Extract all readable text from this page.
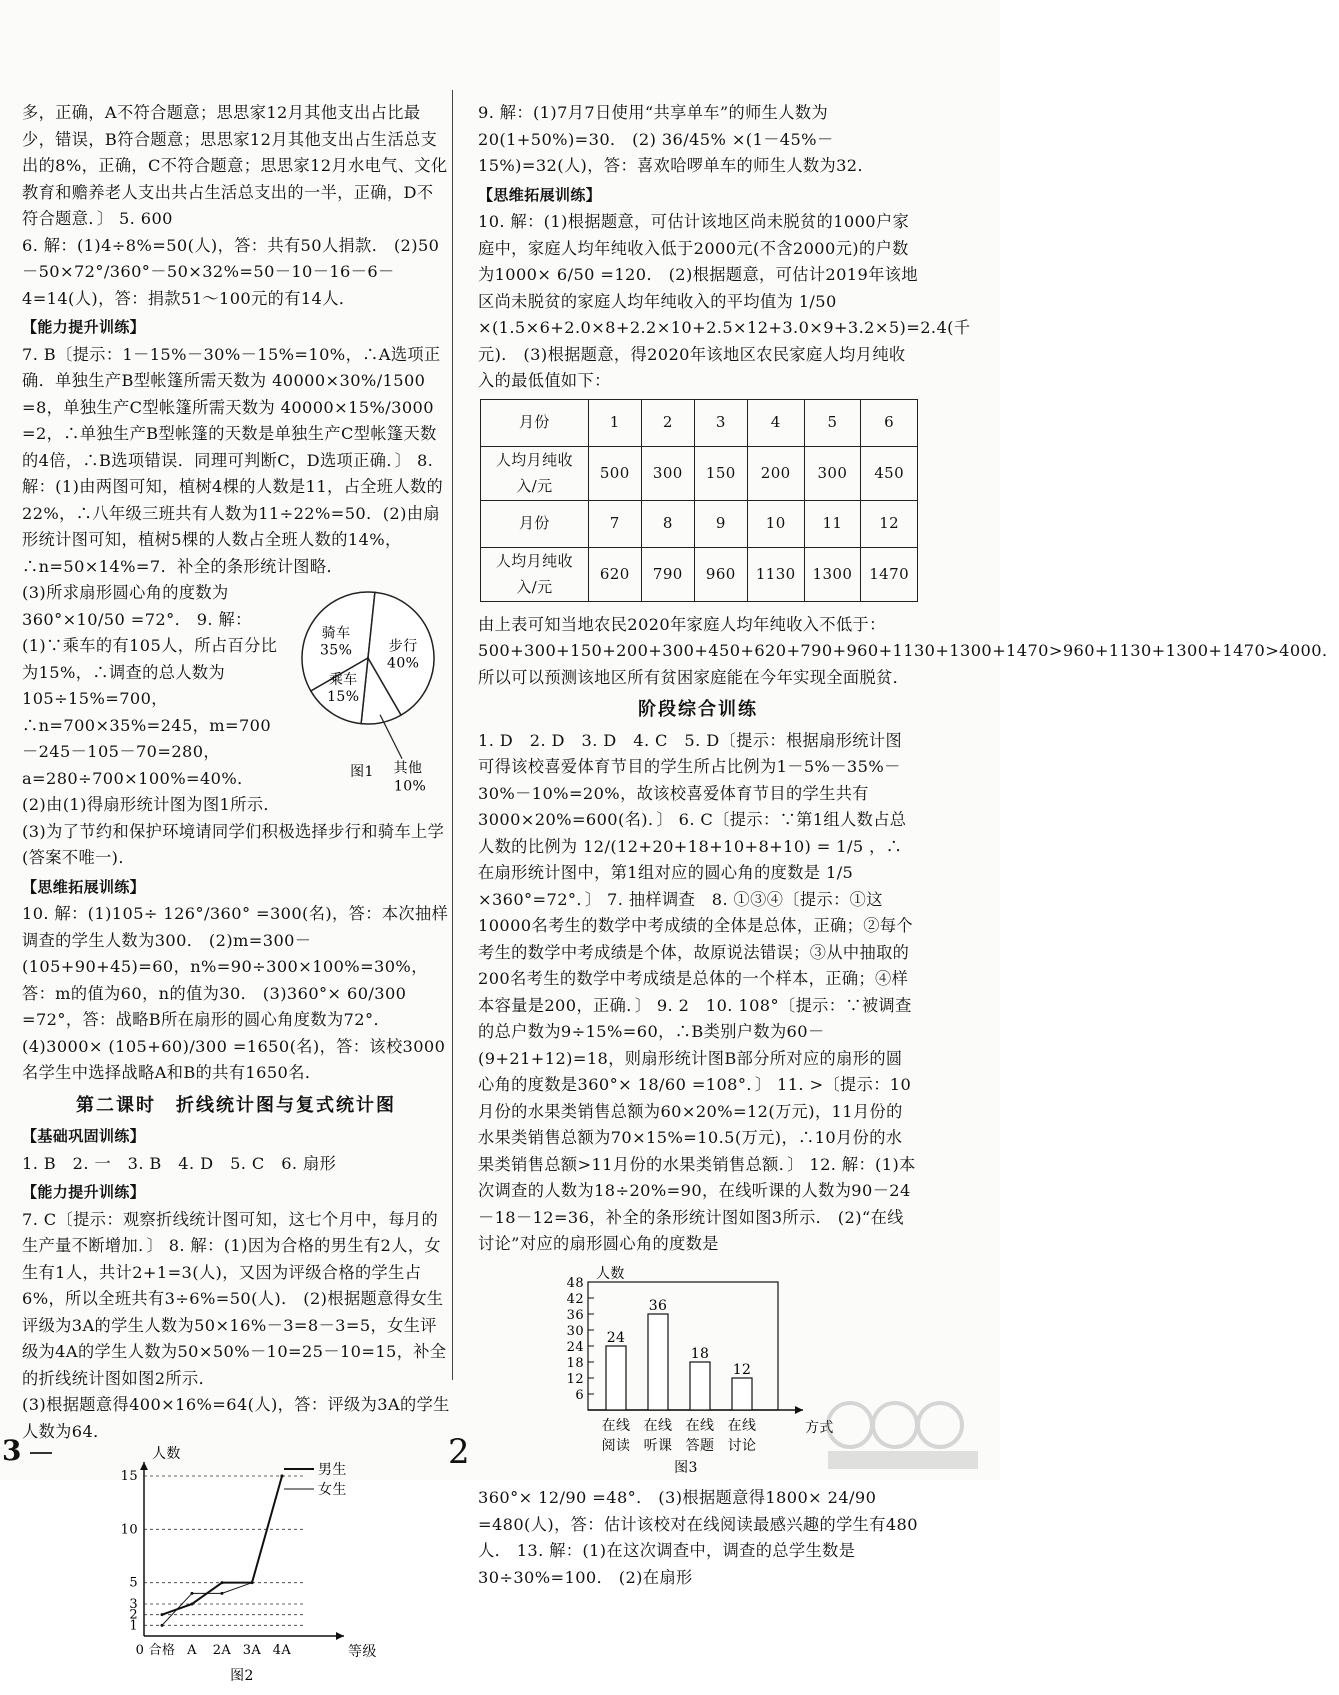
多，正确，A不符合题意；思思家12月其他支出占比最少，错误，B符合题意；思思家12月其他支出占生活总支出的8%，正确，C不符合题意；思思家12月水电气、文化教育和赡养老人支出共占生活总支出的一半，正确，D不符合题意．〕 5. 600

6. 解：(1)4÷8%=50(人)，答：共有50人捐款． (2)50－50×72°/360°－50×32%=50－10－16－6－4=14(人)，答：捐款51～100元的有14人．

【能力提升训练】

7. B〔提示：1－15%－30%－15%=10%，∴A选项正确．单独生产B型帐篷所需天数为 40000×30%/1500 =8，单独生产C型帐篷所需天数为 40000×15%/3000 =2，∴单独生产B型帐篷的天数是单独生产C型帐篷天数的4倍，∴B选项错误．同理可判断C，D选项正确．〕 8. 解：(1)由两图可知，植树4棵的人数是11，占全班人数的22%，∴八年级三班共有人数为11÷22%=50．(2)由扇形统计图可知，植树5棵的人数占全班人数的14%，∴n=50×14%=7．补全的条形统计图略．

(3)所求扇形圆心角的度数为 360°×10/50 =72°． 9. 解：(1)∵乘车的有105人，所占百分比为15%，∴调查的总人数为105÷15%=700，∴n=700×35%=245，m=700－245－105－70=280，a=280÷700×100%=40%．

(2)由(1)得扇形统计图为图1所示．

骑车
35%	步行
40%
乘车
15%
其他
10%
图1

(3)为了节约和保护环境请同学们积极选择步行和骑车上学(答案不唯一)．

【思维拓展训练】

10. 解：(1)105÷ 126°/360° =300(名)，答：本次抽样调查的学生人数为300． (2)m=300－(105+90+45)=60，n%=90÷300×100%=30%，答：m的值为60，n的值为30． (3)360°× 60/300 =72°，答：战略B所在扇形的圆心角度数为72°． (4)3000× (105+60)/300 =1650(名)，答：该校3000名学生中选择战略A和B的共有1650名．

第二课时　折线统计图与复式统计图
【基础巩固训练】

1. B　2. 一　3. B　4. D　5. C　6. 扇形

【能力提升训练】

7. C〔提示：观察折线统计图可知，这七个月中，每月的生产量不断增加．〕 8. 解：(1)因为合格的男生有2人，女生有1人，共计2+1=3(人)，又因为评级合格的学生占6%，所以全班共有3÷6%=50(人)． (2)根据题意得女生评级为3A的学生人数为50×16%－3=8－3=5，女生评级为4A的学生人数为50×50%－10=25－10=15，补全的折线统计图如图2所示．

(3)根据题意得400×16%=64(人)，答：评级为3A的学生人数为64．

人数
等级
1
2
3
5
10
15
0 合格 A 2A 3A 4A
男生
女生
图2

9. 解：(1)7月7日使用“共享单车”的师生人数为20(1+50%)=30． (2) 36/45% ×(1－45%－15%)=32(人)，答：喜欢哈啰单车的师生人数为32．

【思维拓展训练】

10. 解：(1)根据题意，可估计该地区尚未脱贫的1000户家庭中，家庭人均年纯收入低于2000元(不含2000元)的户数为1000× 6/50 =120． (2)根据题意，可估计2019年该地区尚未脱贫的家庭人均年纯收入的平均值为 1/50 ×(1.5×6+2.0×8+2.2×10+2.5×12+3.0×9+3.2×5)=2.4(千元)． (3)根据题意，得2020年该地区农民家庭人均月纯收入的最低值如下：

月份	1	2	3	4	5	6
人均月纯收入/元	500	300	150	200	300	450
月份	7	8	9	10	11	12
人均月纯收入/元	620	790	960	1130	1300	1470

由上表可知当地农民2020年家庭人均年纯收入不低于：500+300+150+200+300+450+620+790+960+1130+1300+1470>960+1130+1300+1470>4000．所以可以预测该地区所有贫困家庭能在今年实现全面脱贫．

阶段综合训练

1. D　2. D　3. D　4. C　5. D〔提示：根据扇形统计图可得该校喜爱体育节目的学生所占比例为1－5%－35%－30%－10%=20%，故该校喜爱体育节目的学生共有3000×20%=600(名)．〕 6. C〔提示：∵第1组人数占总人数的比例为 12/(12+20+18+10+8+10) = 1/5 ，∴在扇形统计图中，第1组对应的圆心角的度数是 1/5 ×360°=72°．〕 7. 抽样调查　8. ①③④〔提示：①这10000名考生的数学中考成绩的全体是总体，正确；②每个考生的数学中考成绩是个体，故原说法错误；③从中抽取的200名考生的数学中考成绩是总体的一个样本，正确；④样本容量是200，正确．〕 9. 2　10. 108°〔提示：∵被调查的总户数为9÷15%=60，∴B类别户数为60－(9+21+12)=18，则扇形统计图B部分所对应的扇形的圆心角的度数是360°× 18/60 =108°．〕 11. >〔提示：10月份的水果类销售总额为60×20%=12(万元)，11月份的水果类销售总额为70×15%=10.5(万元)，∴10月份的水果类销售总额>11月份的水果类销售总额．〕 12. 解：(1)本次调查的人数为18÷20%=90，在线听课的人数为90－24－18－12=36，补全的条形统计图如图3所示． (2)“在线讨论”对应的扇形圆心角的度数是

人数
方式
6
12
18
24
30
36
42
48
24
在线
阅读
36
在线
听课
18
在线
答题
12
在线
讨论
图3

360°× 12/90 =48°． (3)根据题意得1800× 24/90 =480(人)，答：估计该校对在线阅读最感兴趣的学生有480人． 13. 解：(1)在这次调查中，调查的总学生数是30÷30%=100． (2)在扇形

3	2
